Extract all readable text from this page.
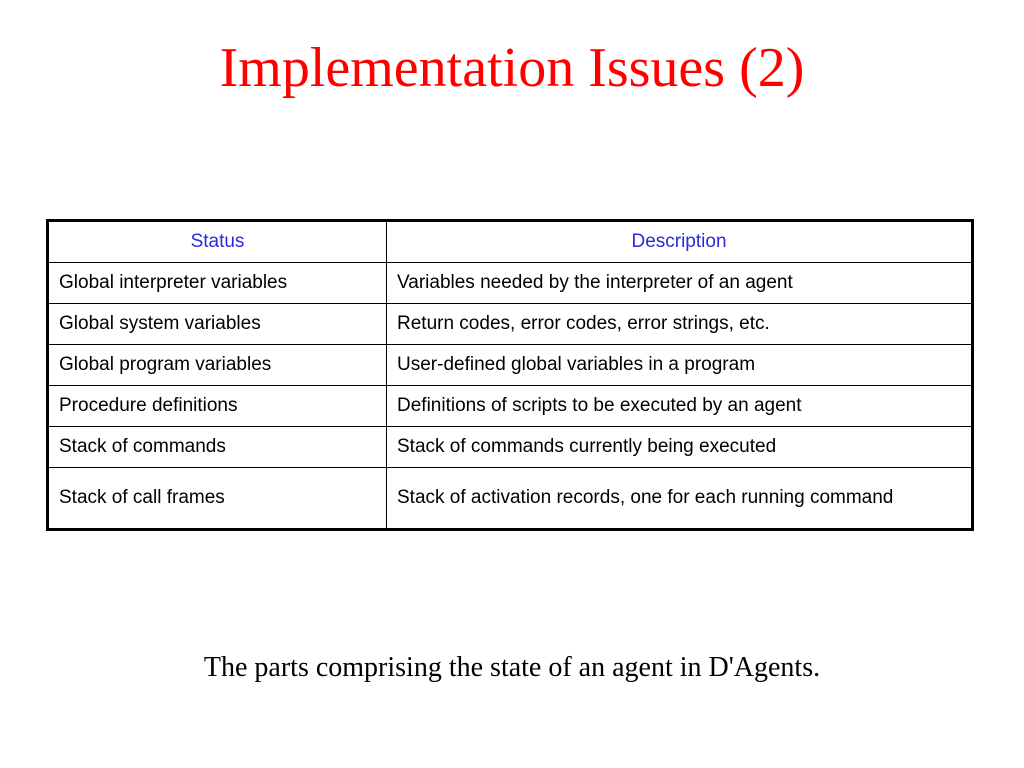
Implementation Issues (2)
Status	Description
Global interpreter variables	Variables needed by the interpreter of an agent
Global system variables	Return codes, error codes, error strings, etc.
Global program variables	User-defined global variables in a program
Procedure definitions	Definitions of scripts to be executed by an agent
Stack of commands	Stack of commands currently being executed
Stack of call frames	Stack of activation records, one for each running command

The parts comprising the state of an agent in D'Agents.
